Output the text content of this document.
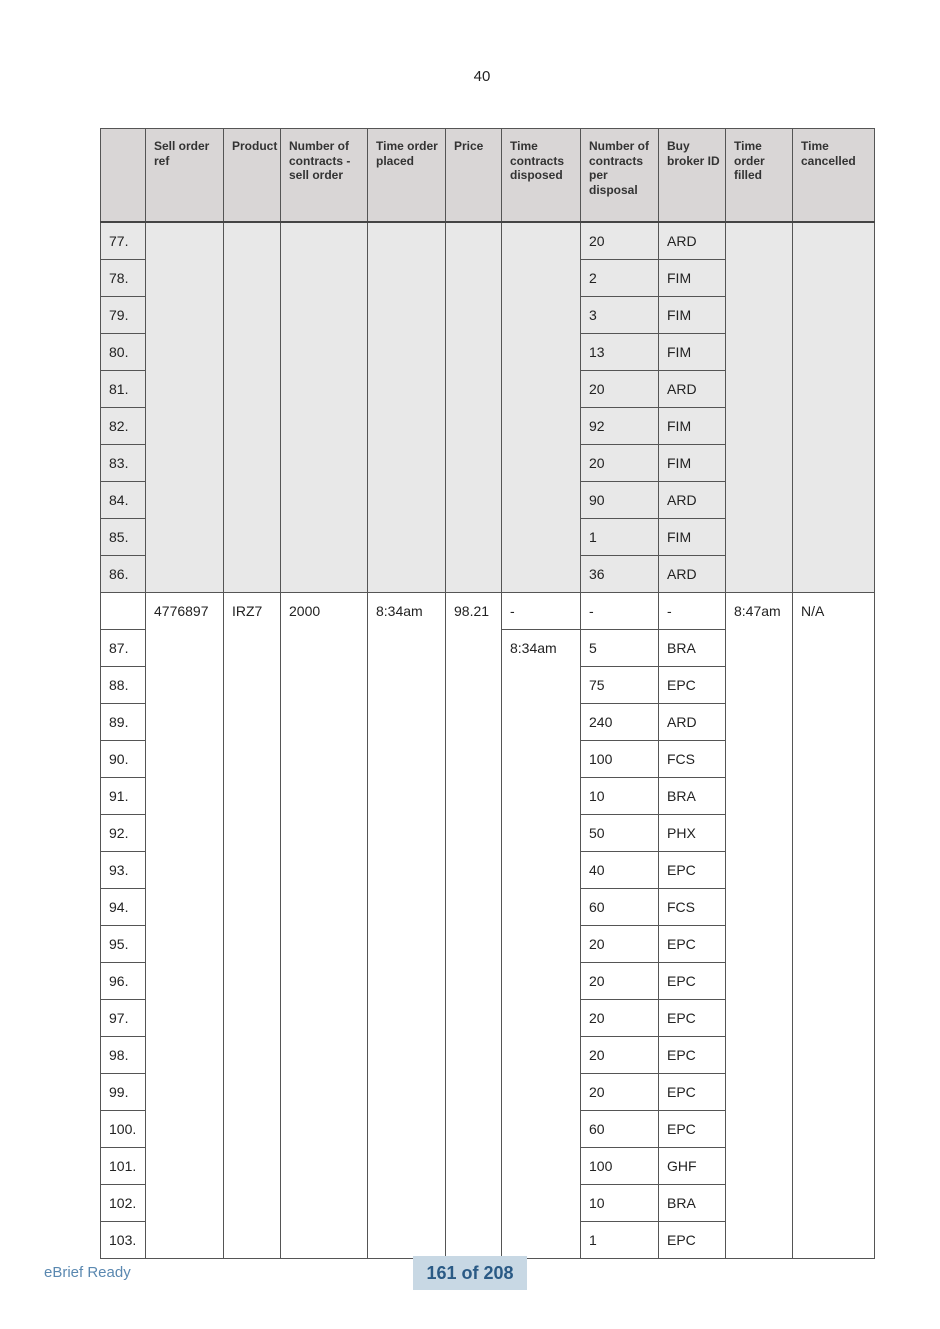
40
	Sell order ref	Product	Number of contracts - sell order	Time order placed	Price	Time contracts disposed	Number of contracts per disposal	Buy broker ID	Time order filled	Time cancelled
77.							20	ARD		
78.							2	FIM		
79.							3	FIM		
80.							13	FIM		
81.							20	ARD		
82.							92	FIM		
83.							20	FIM		
84.							90	ARD		
85.							1	FIM		
86.							36	ARD		
	4776897	IRZ7	2000	8:34am	98.21	-	-	-	8:47am	N/A
87.						8:34am	5	BRA		
88.							75	EPC		
89.							240	ARD		
90.							100	FCS		
91.							10	BRA		
92.							50	PHX		
93.							40	EPC		
94.							60	FCS		
95.							20	EPC		
96.							20	EPC		
97.							20	EPC		
98.							20	EPC		
99.							20	EPC		
100.							60	EPC		
101.							100	GHF		
102.							10	BRA		
103.							1	EPC		
eBrief Ready	161 of 208
